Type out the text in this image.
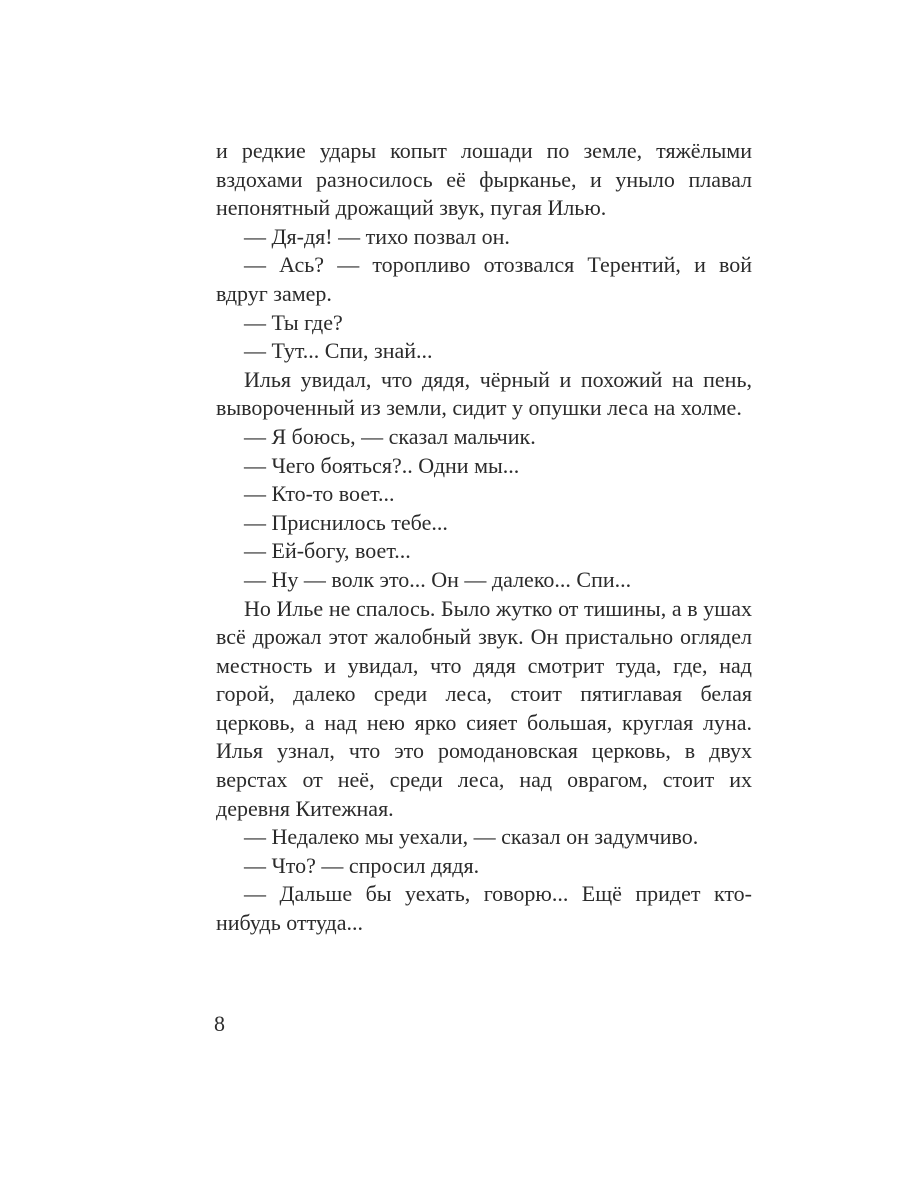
и редкие удары копыт лошади по земле, тяжёлыми вздохами разносилось её фырканье, и уныло плавал непонятный дрожащий звук, пугая Илью.

— Дя-дя! — тихо позвал он.

— Ась? — торопливо отозвался Терентий, и вой вдруг замер.

— Ты где?

— Тут... Спи, знай...

Илья увидал, что дядя, чёрный и похожий на пень, вывороченный из земли, сидит у опушки леса на холме.

— Я боюсь, — сказал мальчик.

— Чего бояться?.. Одни мы...

— Кто-то воет...

— Приснилось тебе...

— Ей-богу, воет...

— Ну — волк это... Он — далеко... Спи...

Но Илье не спалось. Было жутко от тишины, а в ушах всё дрожал этот жалобный звук. Он пристально оглядел местность и увидал, что дядя смотрит туда, где, над горой, далеко среди леса, стоит пятиглавая белая церковь, а над нею ярко сияет большая, круглая луна. Илья узнал, что это ромодановская церковь, в двух верстах от неё, среди леса, над оврагом, стоит их деревня Китежная.

— Недалеко мы уехали, — сказал он задумчиво.

— Что? — спросил дядя.

— Дальше бы уехать, говорю... Ещё придет кто-нибудь оттуда...

8
